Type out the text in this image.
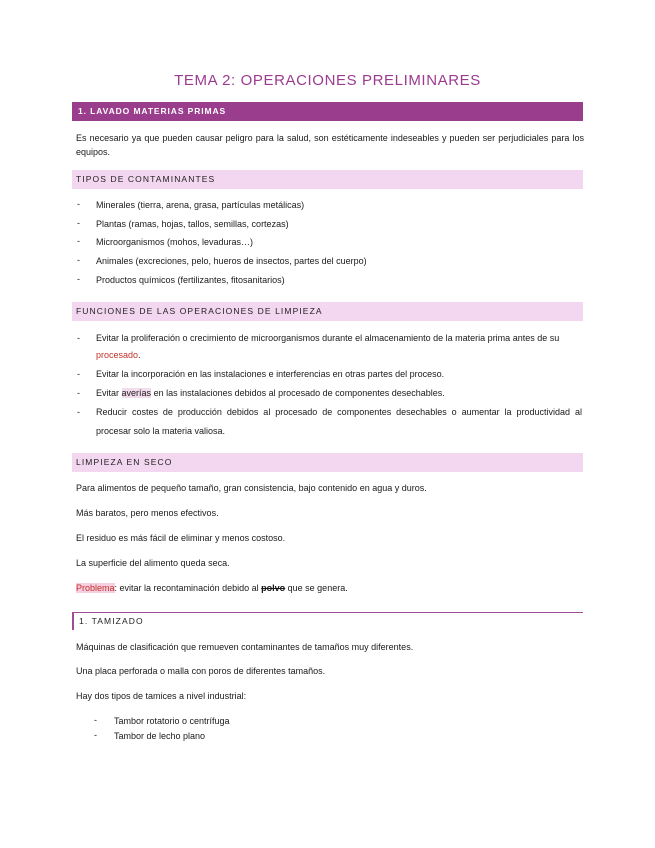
TEMA 2: OPERACIONES PRELIMINARES
1. LAVADO MATERIAS PRIMAS
Es necesario ya que pueden causar peligro para la salud, son estéticamente indeseables y pueden ser perjudiciales para los equipos.
TIPOS DE CONTAMINANTES
- Minerales (tierra, arena, grasa, partículas metálicas)
- Plantas (ramas, hojas, tallos, semillas, cortezas)
- Microorganismos (mohos, levaduras…)
- Animales (excreciones, pelo, hueros de insectos, partes del cuerpo)
- Productos químicos (fertilizantes, fitosanitarios)
FUNCIONES DE LAS OPERACIONES DE LIMPIEZA
- Evitar la proliferación o crecimiento de microorganismos durante el almacenamiento de la materia prima antes de su
procesado.
- Evitar la incorporación en las instalaciones e interferencias en otras partes del proceso.
- Evitar averías en las instalaciones debidos al procesado de componentes desechables.
- Reducir costes de producción debidos al procesado de componentes desechables o aumentar la productividad al
procesar solo la materia valiosa.
LIMPIEZA EN SECO
Para alimentos de pequeño tamaño, gran consistencia, bajo contenido en agua y duros.
Más baratos, pero menos efectivos.
El residuo es más fácil de eliminar y menos costoso.
La superficie del alimento queda seca.
Problema: evitar la recontaminación debido al polvo que se genera.
1. TAMIZADO
Máquinas de clasificación que remueven contaminantes de tamaños muy diferentes.
Una placa perforada o malla con poros de diferentes tamaños.
Hay dos tipos de tamices a nivel industrial:
- Tambor rotatorio o centrífuga
- Tambor de lecho plano
